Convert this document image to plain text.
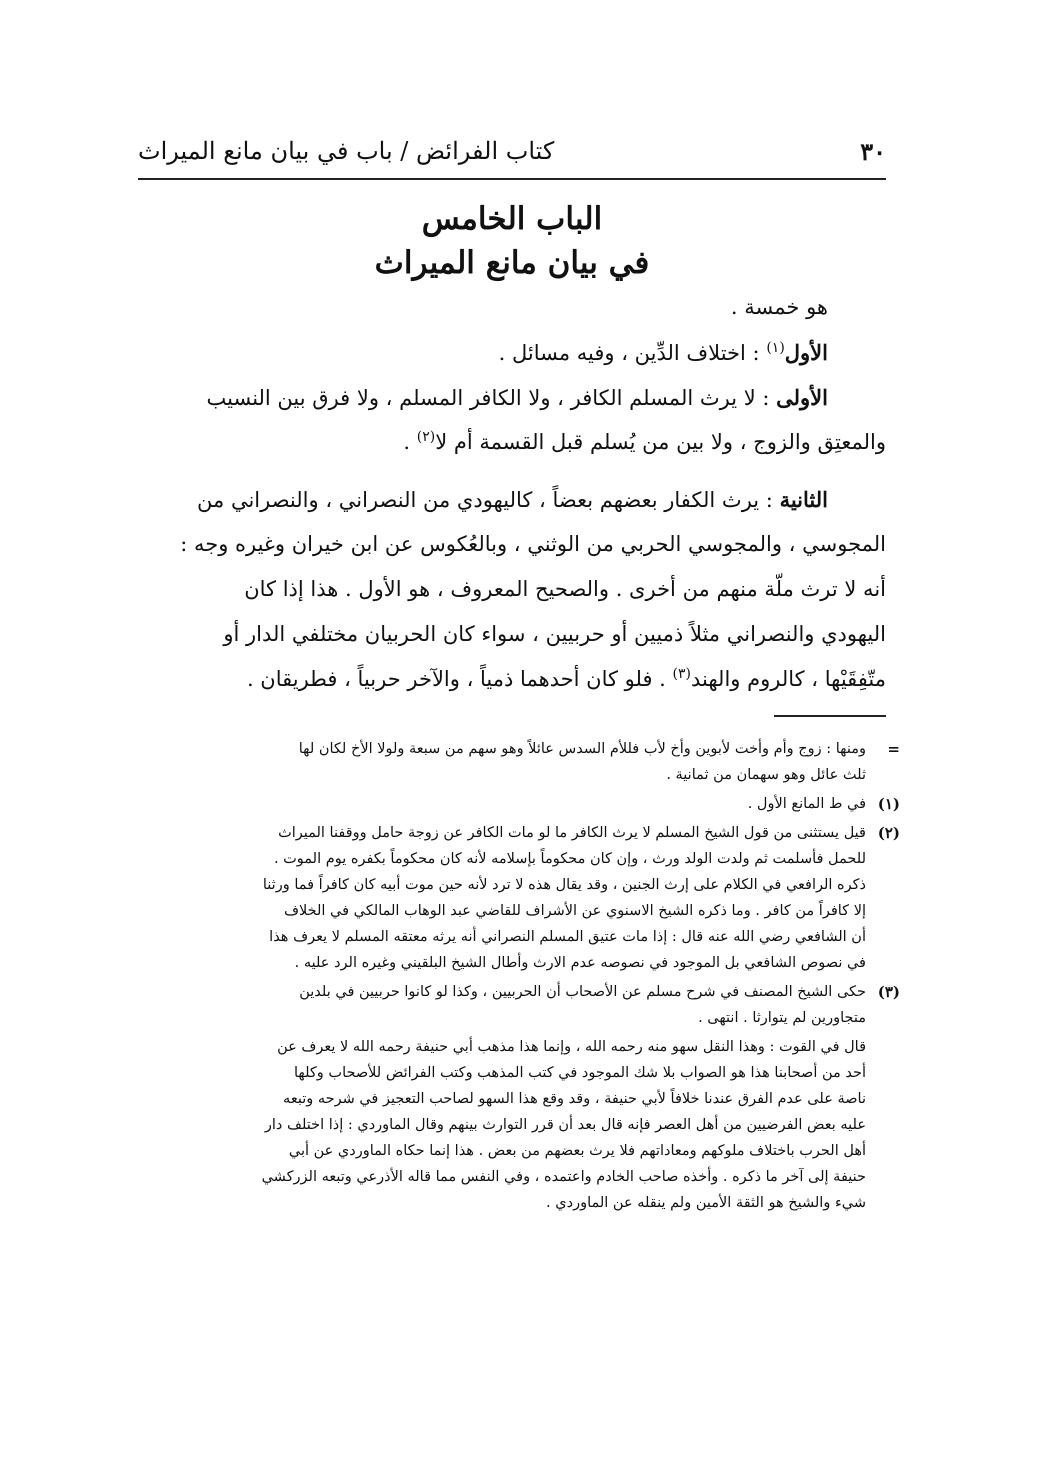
٣٠
كتاب الفرائض / باب في بيان مانع الميراث
الباب الخامس
في بيان مانع الميراث
هو خمسة .
الأول$^{(١)}$ : اختلاف الدِّين ، وفيه مسائل .
الأولى : لا يرث المسلم الكافر ، ولا الكافر المسلم ، ولا فرق بين النسيب
والمعتِق والزوج ، ولا بين من يُسلم قبل القسمة أم لا$^{(٢)}$ .
الثانية : يرث الكفار بعضهم بعضاً ، كاليهودي من النصراني ، والنصراني من
المجوسي ، والمجوسي الحربي من الوثني ، وبالعُكوس عن ابن خيران وغيره وجه :
أنه لا ترث ملّة منهم من أخرى . والصحيح المعروف ، هو الأول . هذا إذا كان
اليهودي والنصراني مثلاً ذميين أو حربيين ، سواء كان الحربيان مختلفي الدار أو
متّفِقَيْها ، كالروم والهند$^{(٣)}$ . فلو كان أحدهما ذمياً ، والآخر حربياً ، فطريقان .
=
ومنها : زوج وأم وأخت لأبوين وأخ لأب فللأم السدس عائلاً وهو سهم من سبعة ولولا الأخ لكان لها
ثلث عائل وهو سهمان من ثمانية .
(١)
في ط المانع الأول .
(٢)
قيل يستثنى من قول الشيخ المسلم لا يرث الكافر ما لو مات الكافر عن زوجة حامل ووقفنا الميراث
للحمل فأسلمت ثم ولدت الولد ورث ، وإن كان محكوماً بإسلامه لأنه كان محكوماً بكفره يوم الموت .
ذكره الرافعي في الكلام على إرث الجنين ، وقد يقال هذه لا ترد لأنه حين موت أبيه كان كافراً فما ورثنا
إلا كافراً من كافر . وما ذكره الشيخ الاسنوي عن الأشراف للقاضي عبد الوهاب المالكي في الخلاف
أن الشافعي رضي الله عنه قال : إذا مات عتيق المسلم النصراني أنه يرثه معتقه المسلم لا يعرف هذا
في نصوص الشافعي بل الموجود في نصوصه عدم الارث وأطال الشيخ البلقيني وغيره الرد عليه .
(٣)
حكى الشيخ المصنف في شرح مسلم عن الأصحاب أن الحربيين ، وكذا لو كانوا حربيين في بلدين
متجاورين لم يتوارثا . انتهى .
قال في القوت : وهذا النقل سهو منه رحمه الله ، وإنما هذا مذهب أبي حنيفة رحمه الله لا يعرف عن
أحد من أصحابنا هذا هو الصواب بلا شك الموجود في كتب المذهب وكتب الفرائض للأصحاب وكلها
ناصة على عدم الفرق عندنا خلافاً لأبي حنيفة ، وقد وقع هذا السهو لصاحب التعجيز في شرحه وتبعه
عليه بعض الفرضيين من أهل العصر فإنه قال بعد أن قرر التوارث بينهم وقال الماوردي : إذا اختلف دار
أهل الحرب باختلاف ملوكهم ومعاداتهم فلا يرث بعضهم من بعض . هذا إنما حكاه الماوردي عن أبي
حنيفة إلى آخر ما ذكره . وأخذه صاحب الخادم واعتمده ، وفي النفس مما قاله الأذرعي وتبعه الزركشي
شيء والشيخ هو الثقة الأمين ولم ينقله عن الماوردي .
